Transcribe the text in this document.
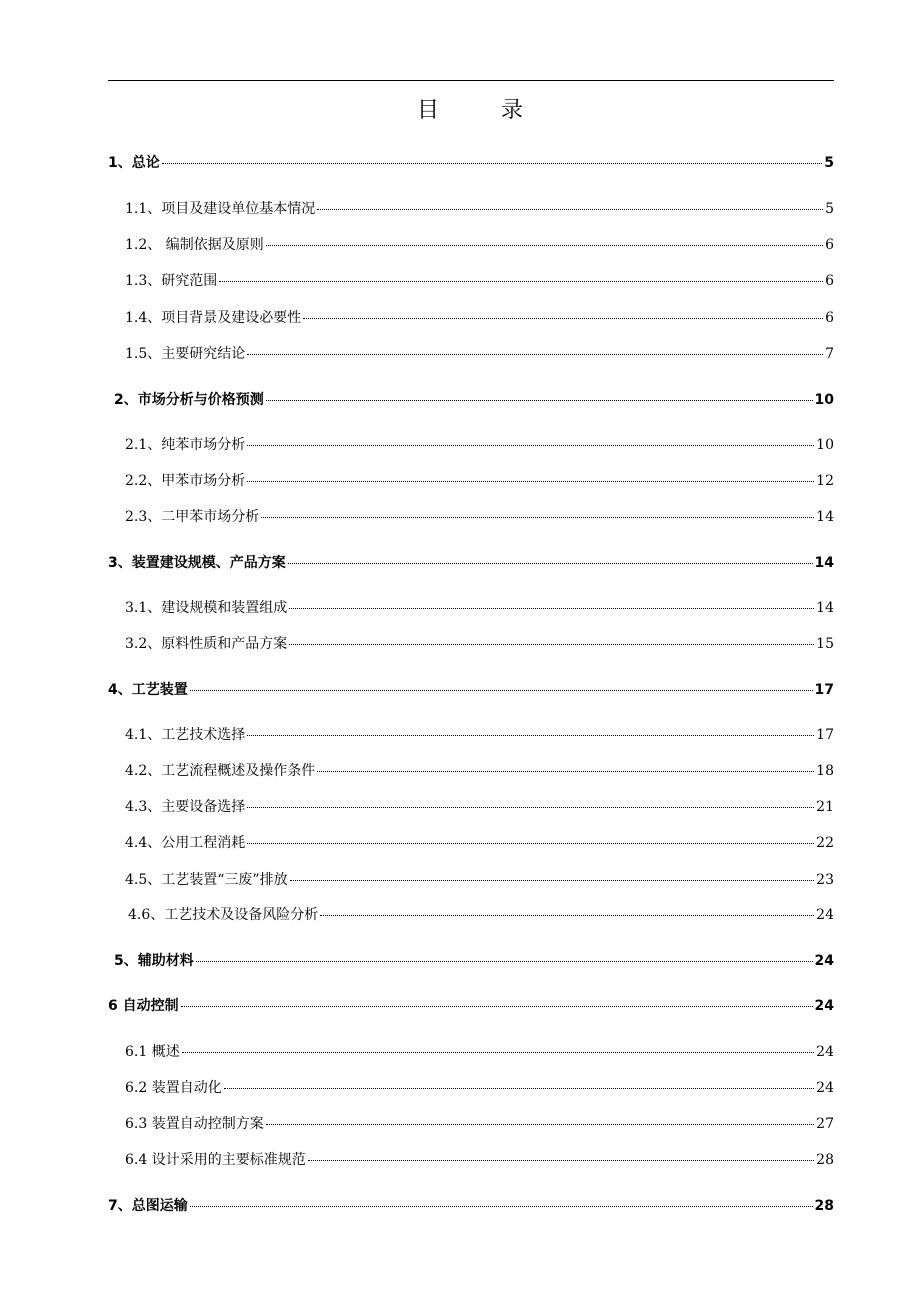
目	录
1、总论	5
1.1、项目及建设单位基本情况	5
1.2、 编制依据及原则	6
1.3、研究范围	6
1.4、项目背景及建设必要性	6
1.5、主要研究结论	7
2、市场分析与价格预测	10
2.1、纯苯市场分析	10
2.2、甲苯市场分析	12
2.3、二甲苯市场分析	14
3、装置建设规模、产品方案	14
3.1、建设规模和装置组成	14
3.2、原料性质和产品方案	15
4、工艺装置	17
4.1、工艺技术选择	17
4.2、工艺流程概述及操作条件	18
4.3、主要设备选择	21
4.4、公用工程消耗	22
4.5、工艺装置“三废”排放	23
4.6、工艺技术及设备风险分析	24
5、辅助材料	24
6 自动控制	24
6.1 概述	24
6.2 装置自动化	24
6.3 装置自动控制方案	27
6.4 设计采用的主要标准规范	28
7、总图运输	28
